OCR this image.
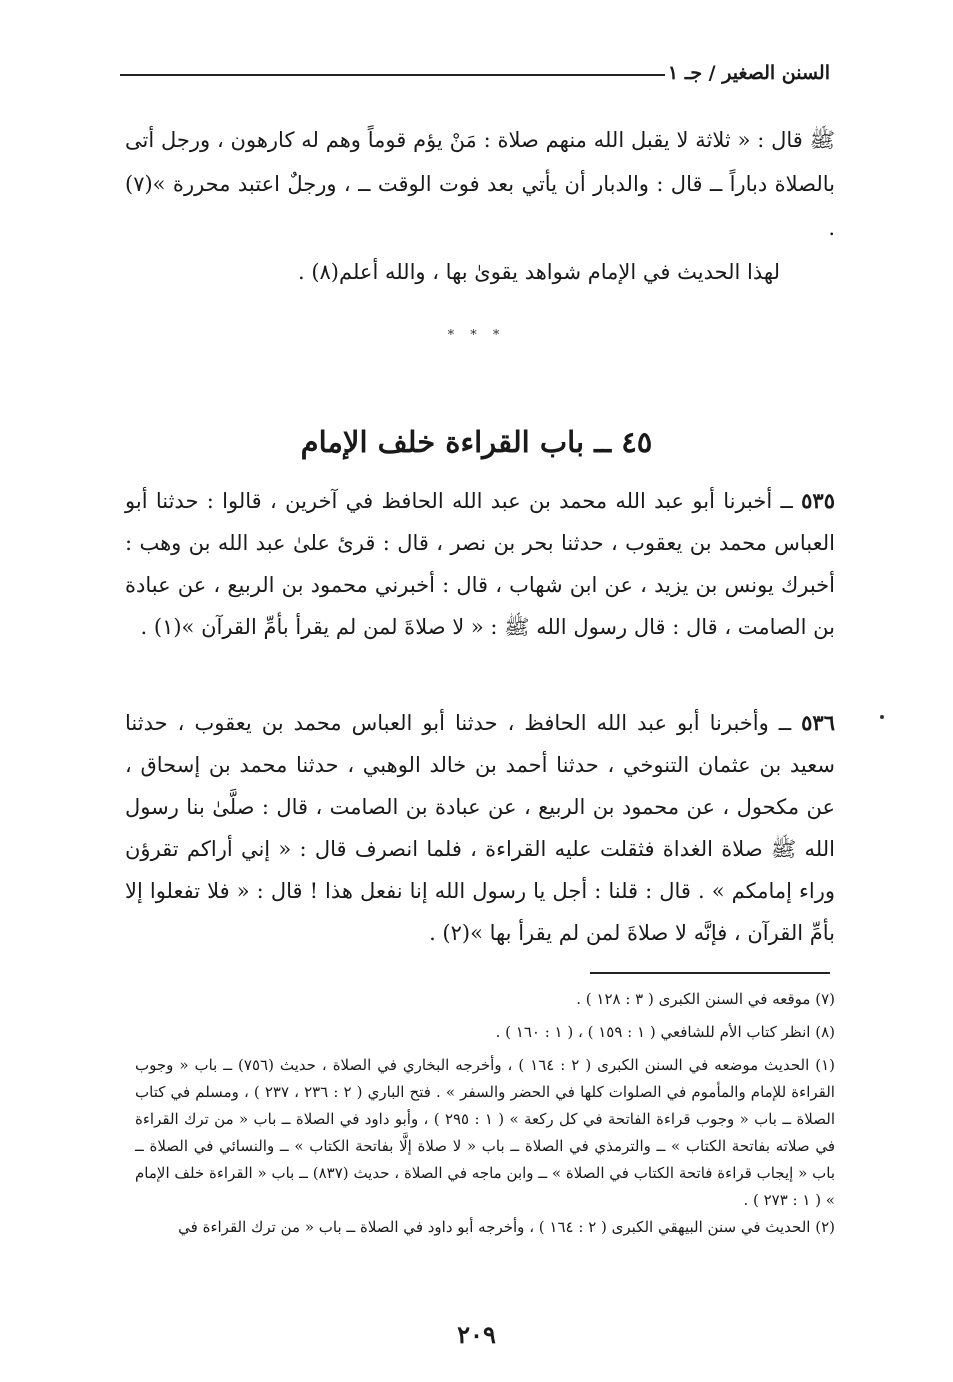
السنن الصغير / جـ ١
ﷺ قال : « ثلاثة لا يقبل الله منهم صلاة : مَنْ يؤم قوماً وهم له كارهون ، ورجل أتى بالصلاة دباراً ــ قال : والدبار أن يأتي بعد فوت الوقت ــ ، ورجلٌ اعتبد محررة »(٧) .
لهذا الحديث في الإمام شواهد يقوىٰ بها ، والله أعلم(٨) .
* * *
٤٥ ــ باب القراءة خلف الإمام
٥٣٥ ــ أخبرنا أبو عبد الله محمد بن عبد الله الحافظ في آخرين ، قالوا : حدثنا أبو العباس محمد بن يعقوب ، حدثنا بحر بن نصر ، قال : قرئ علىٰ عبد الله بن وهب : أخبرك يونس بن يزيد ، عن ابن شهاب ، قال : أخبرني محمود بن الربيع ، عن عبادة بن الصامت ، قال : قال رسول الله ﷺ : « لا صلاةَ لمن لم يقرأ بأمِّ القرآن »(١) .
٥٣٦ ــ وأخبرنا أبو عبد الله الحافظ ، حدثنا أبو العباس محمد بن يعقوب ، حدثنا سعيد بن عثمان التنوخي ، حدثنا أحمد بن خالد الوهبي ، حدثنا محمد بن إسحاق ، عن مكحول ، عن محمود بن الربيع ، عن عبادة بن الصامت ، قال : صلَّىٰ بنا رسول الله ﷺ صلاة الغداة فثقلت عليه القراءة ، فلما انصرف قال : « إني أراكم تقرؤن وراء إمامكم » . قال : قلنا : أجل يا رسول الله إنا نفعل هذا ! قال : « فلا تفعلوا إلا بأمِّ القرآن ، فإنَّه لا صلاةَ لمن لم يقرأ بها »(٢) .

(٧) موقعه في السنن الكبرى ( ٣ : ١٢٨ ) .

(٨) انظر كتاب الأم للشافعي ( ١ : ١٥٩ ) ، ( ١ : ١٦٠ ) .

(١) الحديث موضعه في السنن الكبرى ( ٢ : ١٦٤ ) ، وأخرجه البخاري في الصلاة ، حديث (٧٥٦) ــ باب « وجوب القراءة للإمام والمأموم في الصلوات كلها في الحضر والسفر » . فتح الباري ( ٢ : ٢٣٦ ، ٢٣٧ ) ، ومسلم في كتاب الصلاة ــ باب « وجوب قراءة الفاتحة في كل ركعة » ( ١ : ٢٩٥ ) ، وأبو داود في الصلاة ــ باب « من ترك القراءة في صلاته بفاتحة الكتاب » ــ والترمذي في الصلاة ــ باب « لا صلاة إلَّا بفاتحة الكتاب » ــ والنسائي في الصلاة ــ باب « إيجاب قراءة فاتحة الكتاب في الصلاة » ــ وابن ماجه في الصلاة ، حديث (٨٣٧) ــ باب « القراءة خلف الإمام » ( ١ : ٢٧٣ ) .

(٢) الحديث في سنن البيهقي الكبرى ( ٢ : ١٦٤ ) ، وأخرجه أبو داود في الصلاة ــ باب « من ترك القراءة في

٢٠٩
